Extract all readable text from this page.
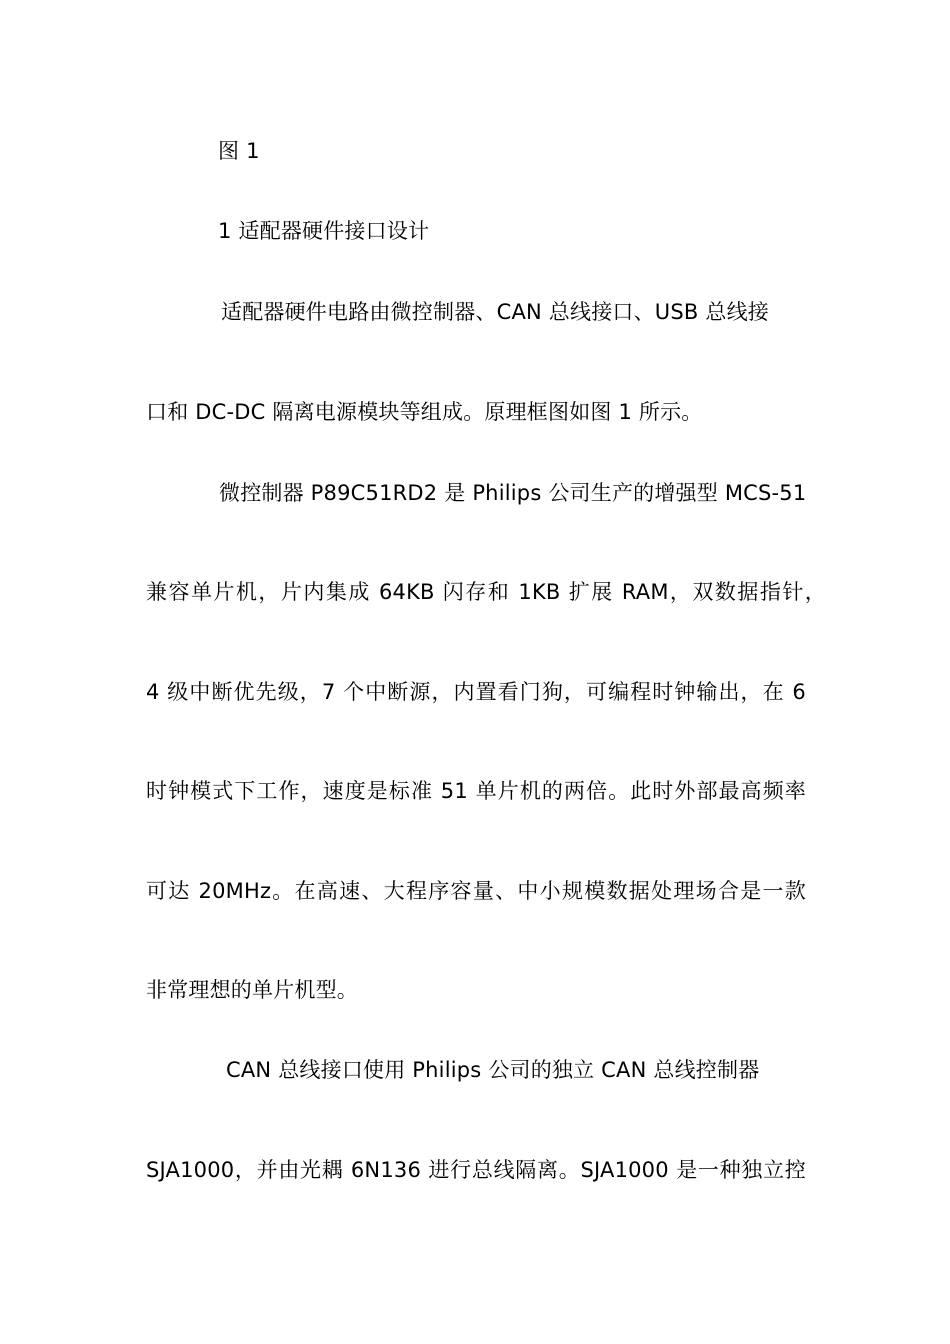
图 1
1 适配器硬件接口设计
适配器硬件电路由微控制器、CAN 总线接口、USB 总线接
口和 DC-DC 隔离电源模块等组成。原理框图如图 1 所示。
微控制器 P89C51RD2 是 Philips 公司生产的增强型 MCS-51
兼容单片机，片内集成 64KB 闪存和 1KB 扩展 RAM，双数据指针，
4 级中断优先级，7 个中断源，内置看门狗，可编程时钟输出，在 6
时钟模式下工作，速度是标准 51 单片机的两倍。此时外部最高频率
可达 20MHz。在高速、大程序容量、中小规模数据处理场合是一款
非常理想的单片机型。
CAN 总线接口使用 Philips 公司的独立 CAN 总线控制器
SJA1000，并由光耦 6N136 进行总线隔离。SJA1000 是一种独立控
